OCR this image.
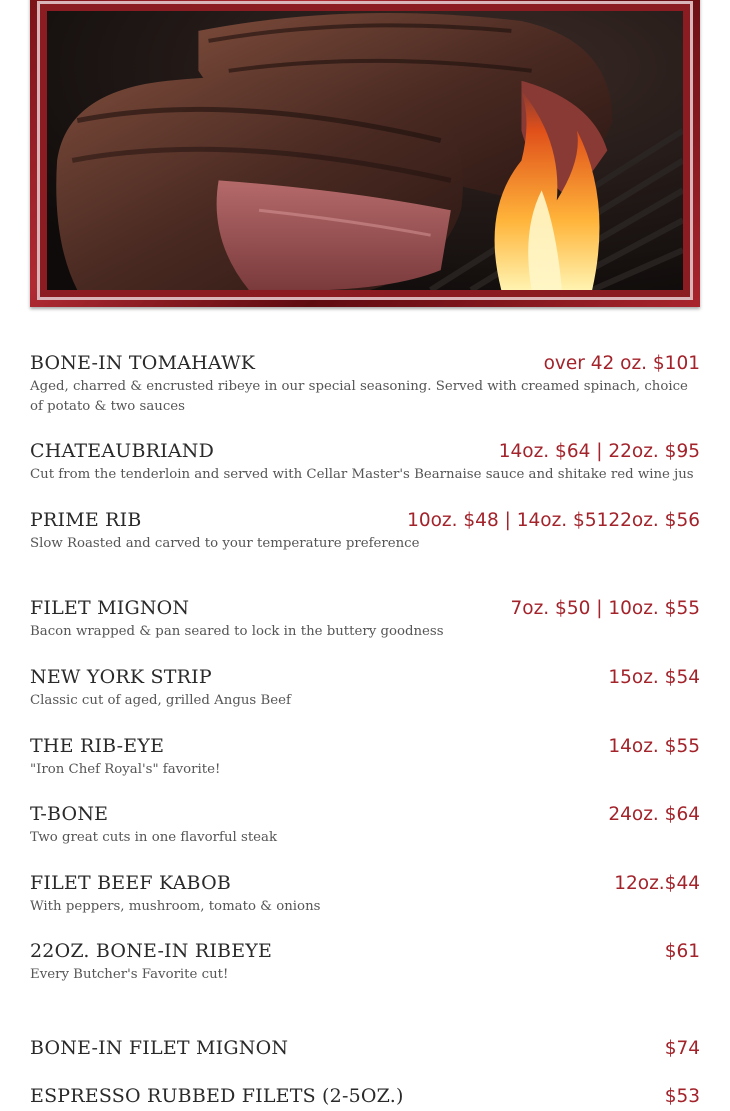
BONE-IN TOMAHAWK	over 42 oz. $101
Aged, charred & encrusted ribeye in our special seasoning. Served with creamed spinach, choice of potato & two sauces
CHATEAUBRIAND	14oz. $64 | 22oz. $95
Cut from the tenderloin and served with Cellar Master's Bearnaise sauce and shitake red wine jus
PRIME RIB	10oz. $48 | 14oz. $5122oz. $56
Slow Roasted and carved to your temperature preference
FILET MIGNON	7oz. $50 | 10oz. $55
Bacon wrapped & pan seared to lock in the buttery goodness
NEW YORK STRIP	15oz. $54
Classic cut of aged, grilled Angus Beef
THE RIB-EYE	14oz. $55
"Iron Chef Royal's" favorite!
T-BONE	24oz. $64
Two great cuts in one flavorful steak
FILET BEEF KABOB	12oz.$44
With peppers, mushroom, tomato & onions
22OZ. BONE-IN RIBEYE	$61
Every Butcher's Favorite cut!
BONE-IN FILET MIGNON	$74
ESPRESSO RUBBED FILETS (2-5OZ.)	$53
